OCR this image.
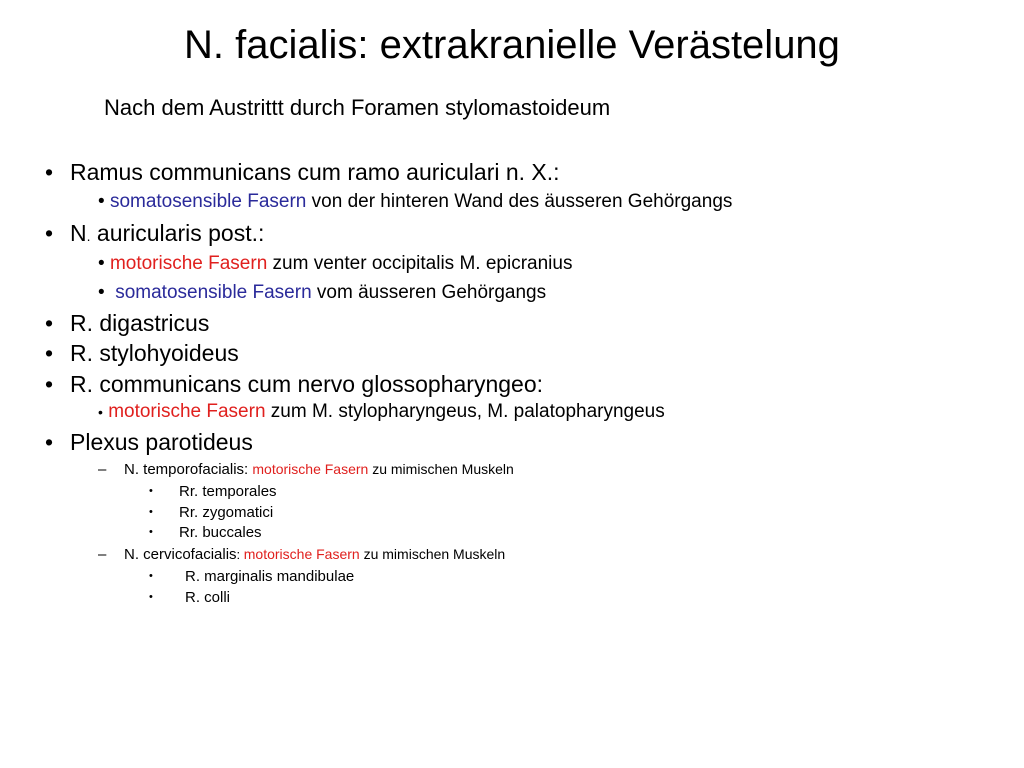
N. facialis: extrakranielle Verästelung
Nach dem Austrittt durch Foramen stylomastoideum
• Ramus communicans cum ramo auriculari n. X.:
• somatosensible Fasern von der hinteren Wand des äusseren Gehörgangs
• N. auricularis post.:
• motorische Fasern zum venter occipitalis M. epicranius
• somatosensible Fasern vom äusseren Gehörgangs
• R. digastricus
• R. stylohyoideus
• R. communicans cum nervo glossopharyngeo:
• motorische Fasern zum M. stylopharyngeus, M. palatopharyngeus
• Plexus parotideus
– N. temporofacialis: motorische Fasern zu mimischen Muskeln
• Rr. temporales
• Rr. zygomatici
• Rr. buccales
– N. cervicofacialis: motorische Fasern zu mimischen Muskeln
• R. marginalis mandibulae
• R. colli
